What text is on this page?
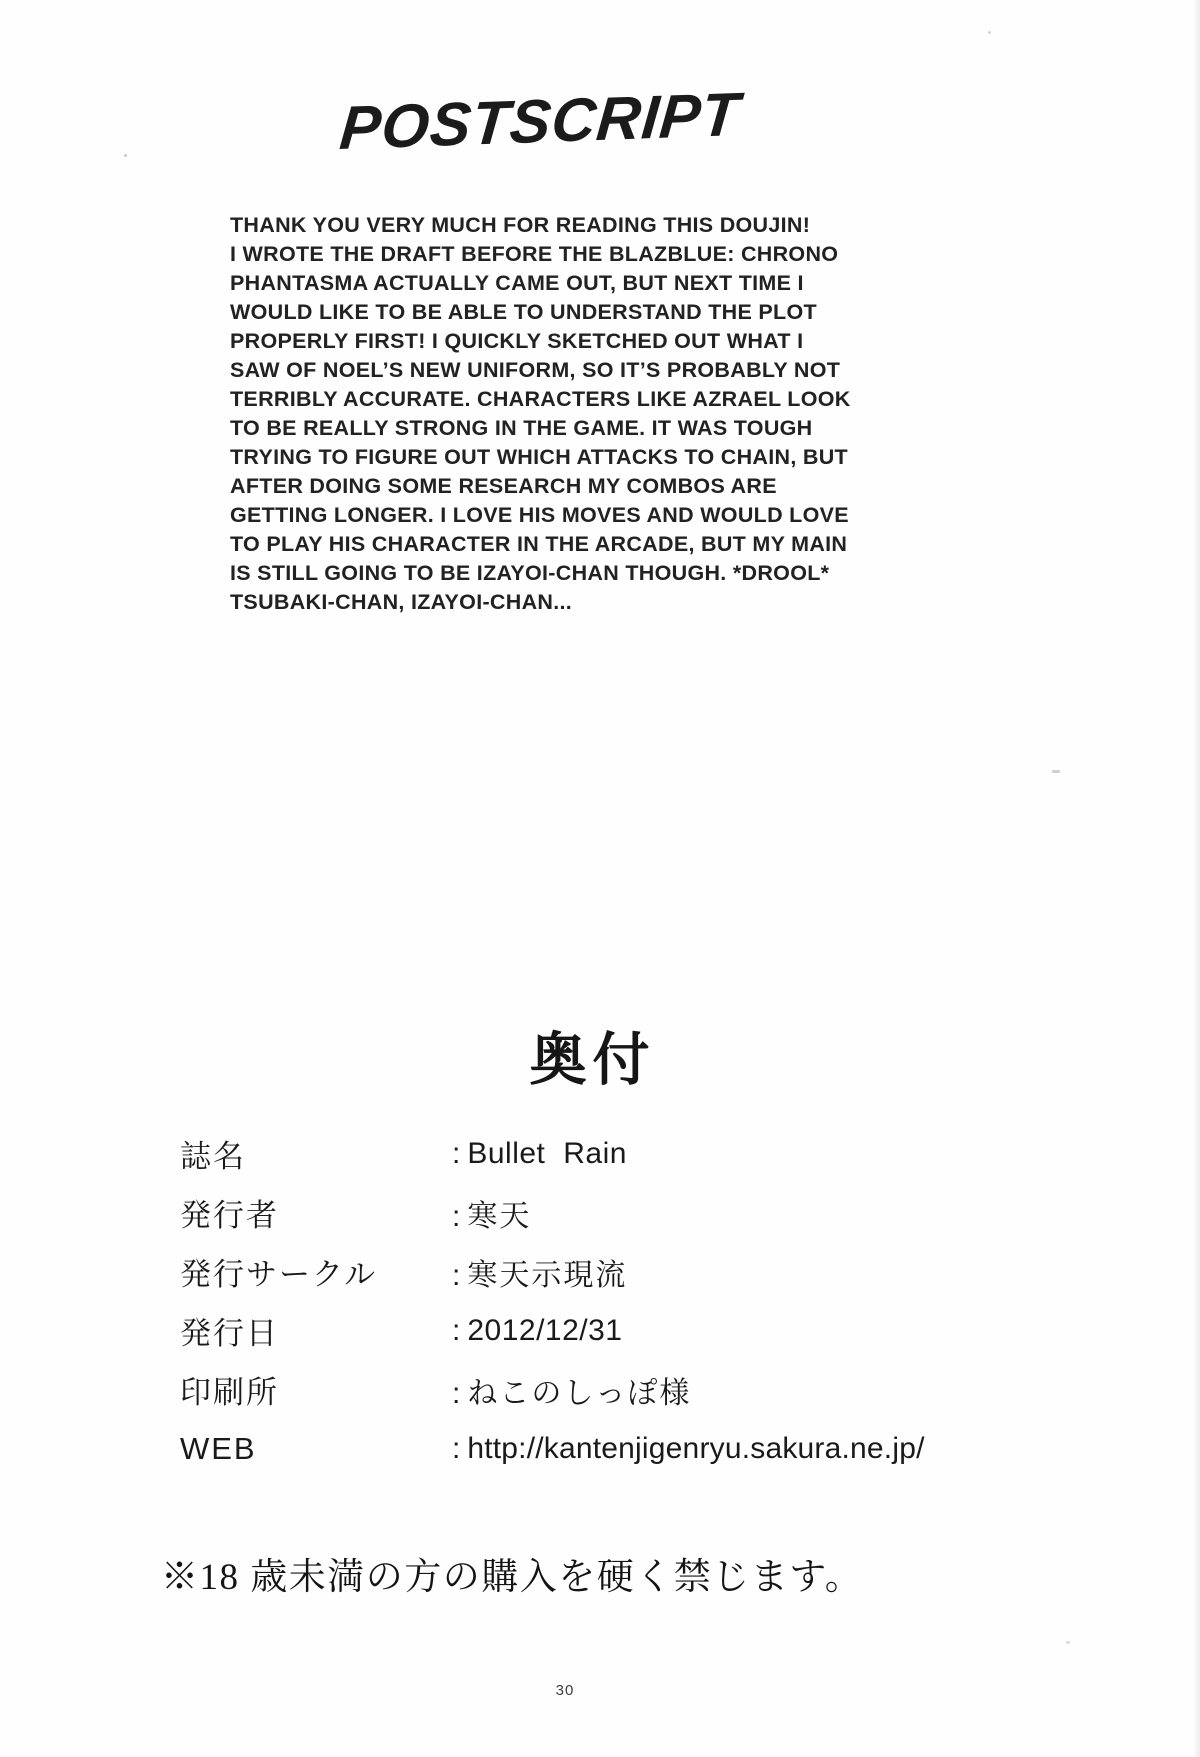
POSTSCRIPT
THANK YOU VERY MUCH FOR READING THIS DOUJIN!
I WROTE THE DRAFT BEFORE THE BLAZBLUE: CHRONO
PHANTASMA ACTUALLY CAME OUT, BUT NEXT TIME I
WOULD LIKE TO BE ABLE TO UNDERSTAND THE PLOT
PROPERLY FIRST! I QUICKLY SKETCHED OUT WHAT I
SAW OF NOEL’S NEW UNIFORM, SO IT’S PROBABLY NOT
TERRIBLY ACCURATE. CHARACTERS LIKE AZRAEL LOOK
TO BE REALLY STRONG IN THE GAME. IT WAS TOUGH
TRYING TO FIGURE OUT WHICH ATTACKS TO CHAIN, BUT
AFTER DOING SOME RESEARCH MY COMBOS ARE
GETTING LONGER. I LOVE HIS MOVES AND WOULD LOVE
TO PLAY HIS CHARACTER IN THE ARCADE, BUT MY MAIN
IS STILL GOING TO BE IZAYOI-CHAN THOUGH. *DROOL*
TSUBAKI-CHAN, IZAYOI-CHAN...
奥付
誌名	: Bullet Rain
発行者	: 寒天
発行サークル : 寒天示現流
発行日	: 2012/12/31
印刷所	: ねこのしっぽ様
WEB	: http://kantenjigenryu.sakura.ne.jp/
※18 歳未満の方の購入を硬く禁じます。
30
